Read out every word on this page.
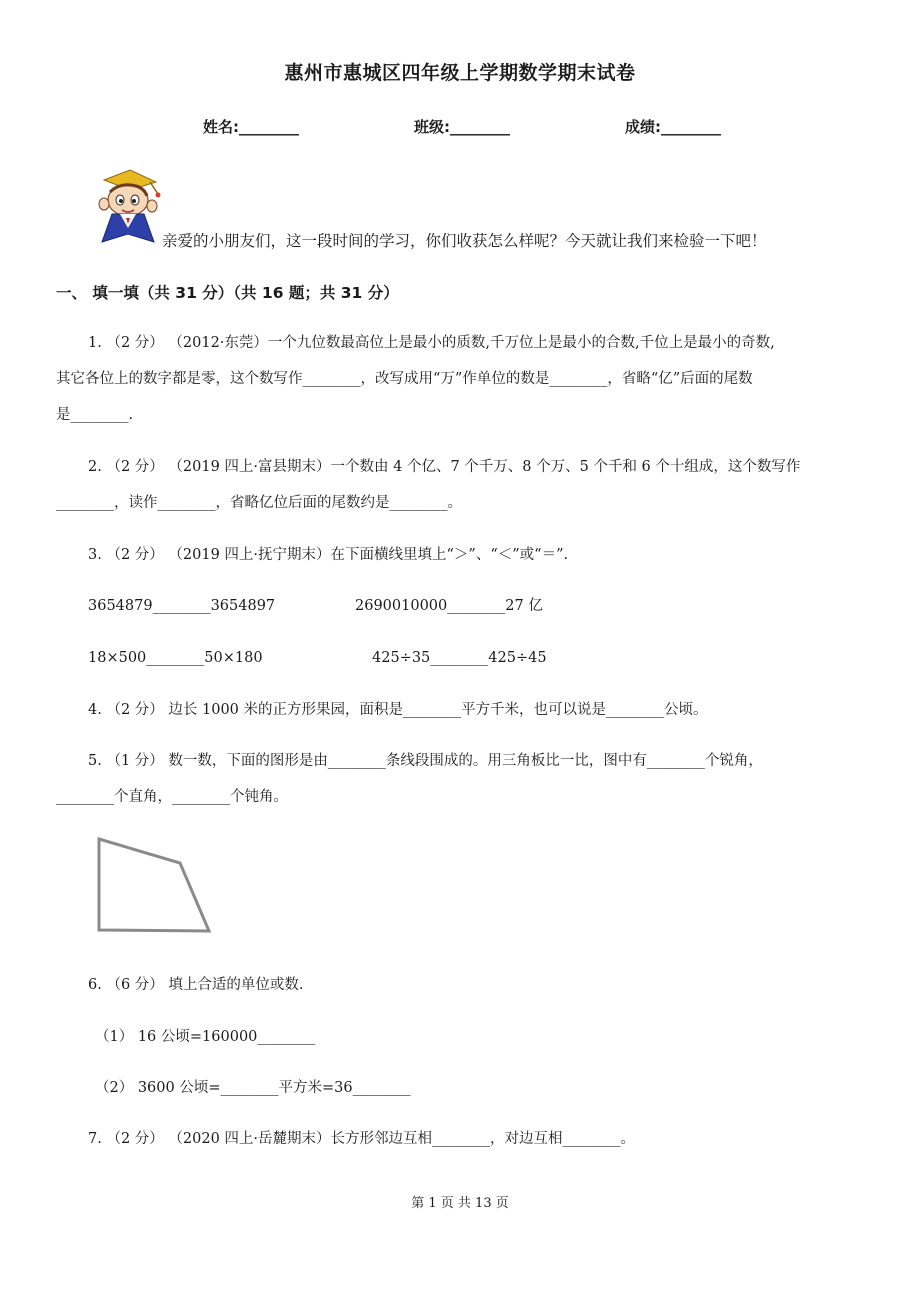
惠州市惠城区四年级上学期数学期末试卷
姓名:________	班级:________	成绩:________
亲爱的小朋友们，这一段时间的学习，你们收获怎么样呢？今天就让我们来检验一下吧！
一、 填一填（共 31 分）（共 16 题；共 31 分）
1. （2 分） （2012·东莞）一个九位数最高位上是最小的质数,千万位上是最小的合数,千位上是最小的奇数,
其它各位上的数字都是零，这个数写作________，改写成用“万”作单位的数是________，省略“亿”后面的尾数
是________.
2. （2 分） （2019 四上·富县期末）一个数由 4 个亿、7 个千万、8 个万、5 个千和 6 个十组成，这个数写作
________，读作________，省略亿位后面的尾数约是________。
3. （2 分） （2019 四上·抚宁期末）在下面横线里填上“＞”、“＜”或“＝”.
3654879________3654897	2690010000________27 亿
18×500________50×180	425÷35________425÷45
4. （2 分） 边长 1000 米的正方形果园，面积是________平方千米，也可以说是________公顷。
5. （1 分） 数一数，下面的图形是由________条线段围成的。用三角板比一比，图中有________个锐角，
________个直角，________个钝角。
6. （6 分） 填上合适的单位或数.
（1） 16 公顷=160000________
（2） 3600 公顷=________平方米=36________
7. （2 分） （2020 四上·岳麓期末）长方形邻边互相________，对边互相________。
第 1 页 共 13 页
